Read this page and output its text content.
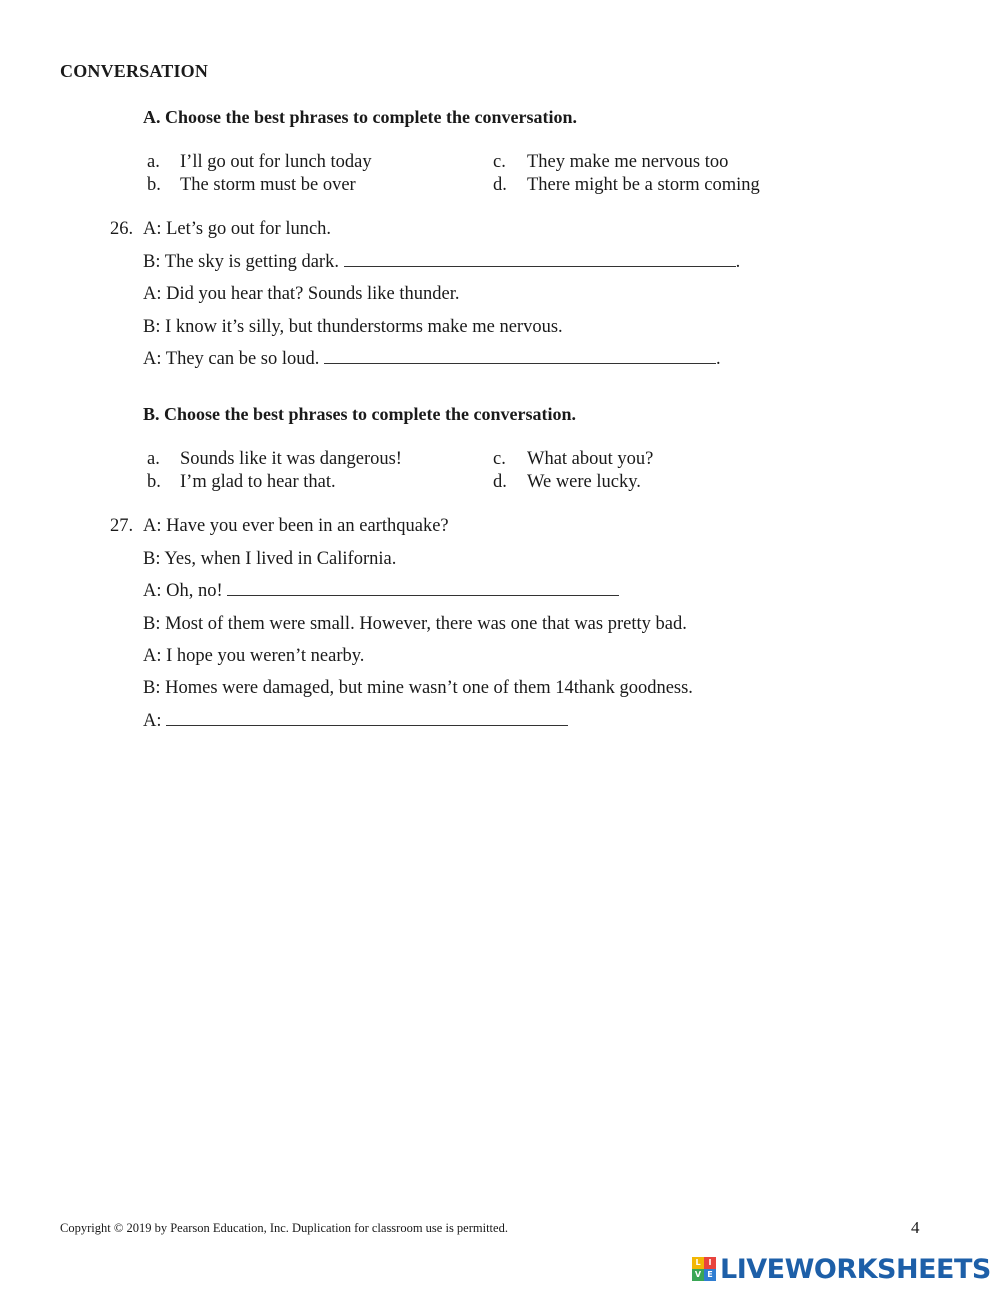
CONVERSATION
A. Choose the best phrases to complete the conversation.
a. I’ll go out for lunch today
b. The storm must be over
c. They make me nervous too
d. There might be a storm coming
26. A: Let’s go out for lunch.
B: The sky is getting dark.	.
A: Did you hear that? Sounds like thunder.
B: I know it’s silly, but thunderstorms make me nervous.
A: They can be so loud.	.
B. Choose the best phrases to complete the conversation.
a. Sounds like it was dangerous!
b. I’m glad to hear that.
c. What about you?
d. We were lucky.
27. A: Have you ever been in an earthquake?
B: Yes, when I lived in California.
A: Oh, no!
B: Most of them were small. However, there was one that was pretty bad.
A: I hope you weren’t nearby.
B: Homes were damaged, but mine wasn’t one of them 14thank goodness.
A:
Copyright © 2019 by Pearson Education, Inc. Duplication for classroom use is permitted.	4
L I
V E LIVEWORKSHEETS
